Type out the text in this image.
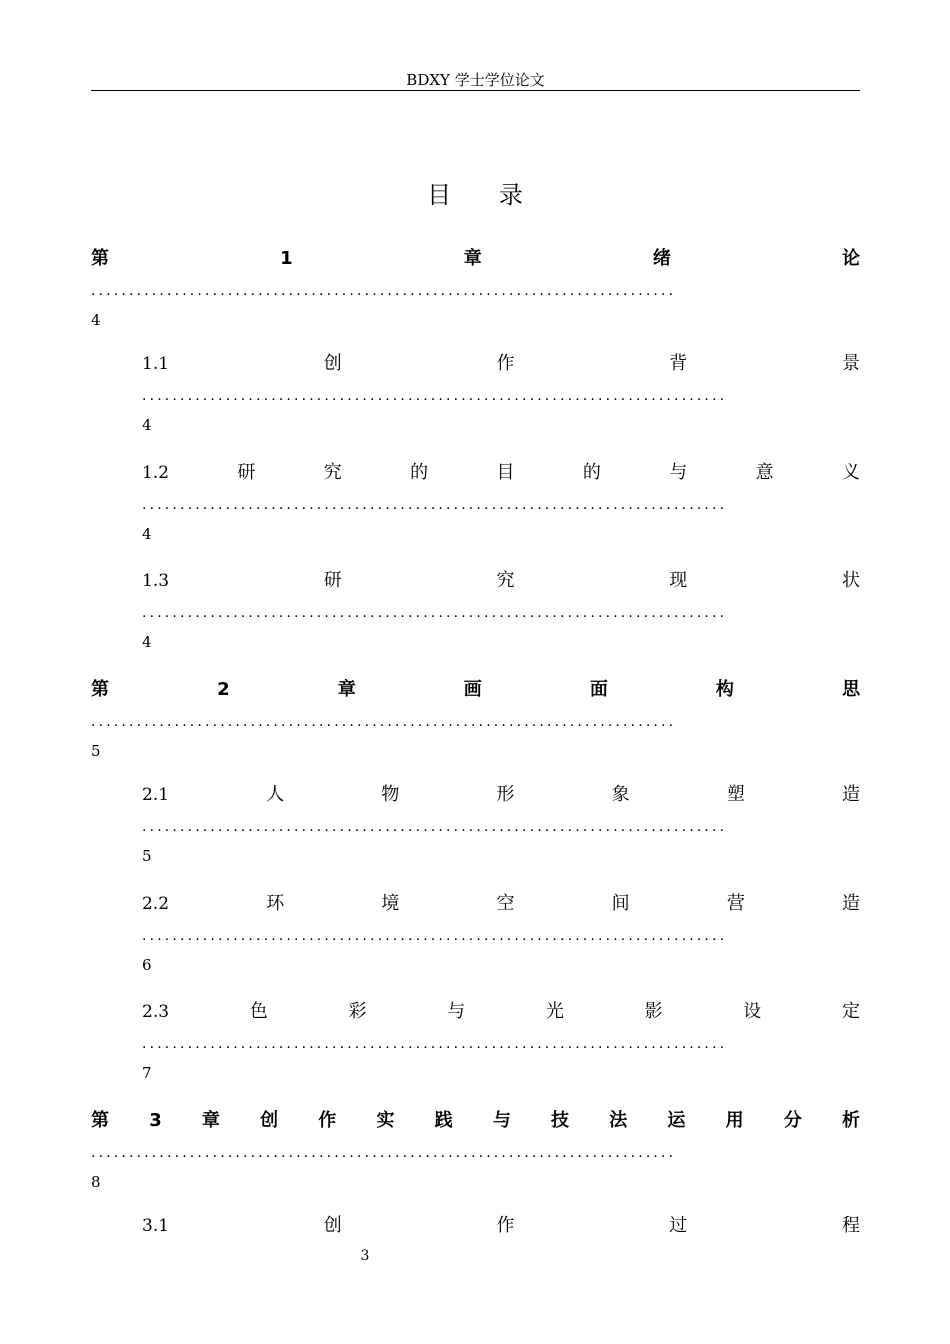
BDXY 学士学位论文
目 录
第	1	章	绪	论
.............................................................................
4
1.1	创	作	背	景
.............................................................................
4
1.2	研	究	的	目	的	与	意	义
.............................................................................
4
1.3	研	究	现	状
.............................................................................
4
第	2	章	画	面	构	思
.............................................................................
5
2.1	人	物	形	象	塑	造
.............................................................................
5
2.2	环	境	空	间	营	造
.............................................................................
6
2.3	色	彩	与	光	影	设	定
.............................................................................
7
第 3 章 创 作 实 践 与 技 法 运 用 分 析
.............................................................................
8
3.1	创	作	过	程
3
